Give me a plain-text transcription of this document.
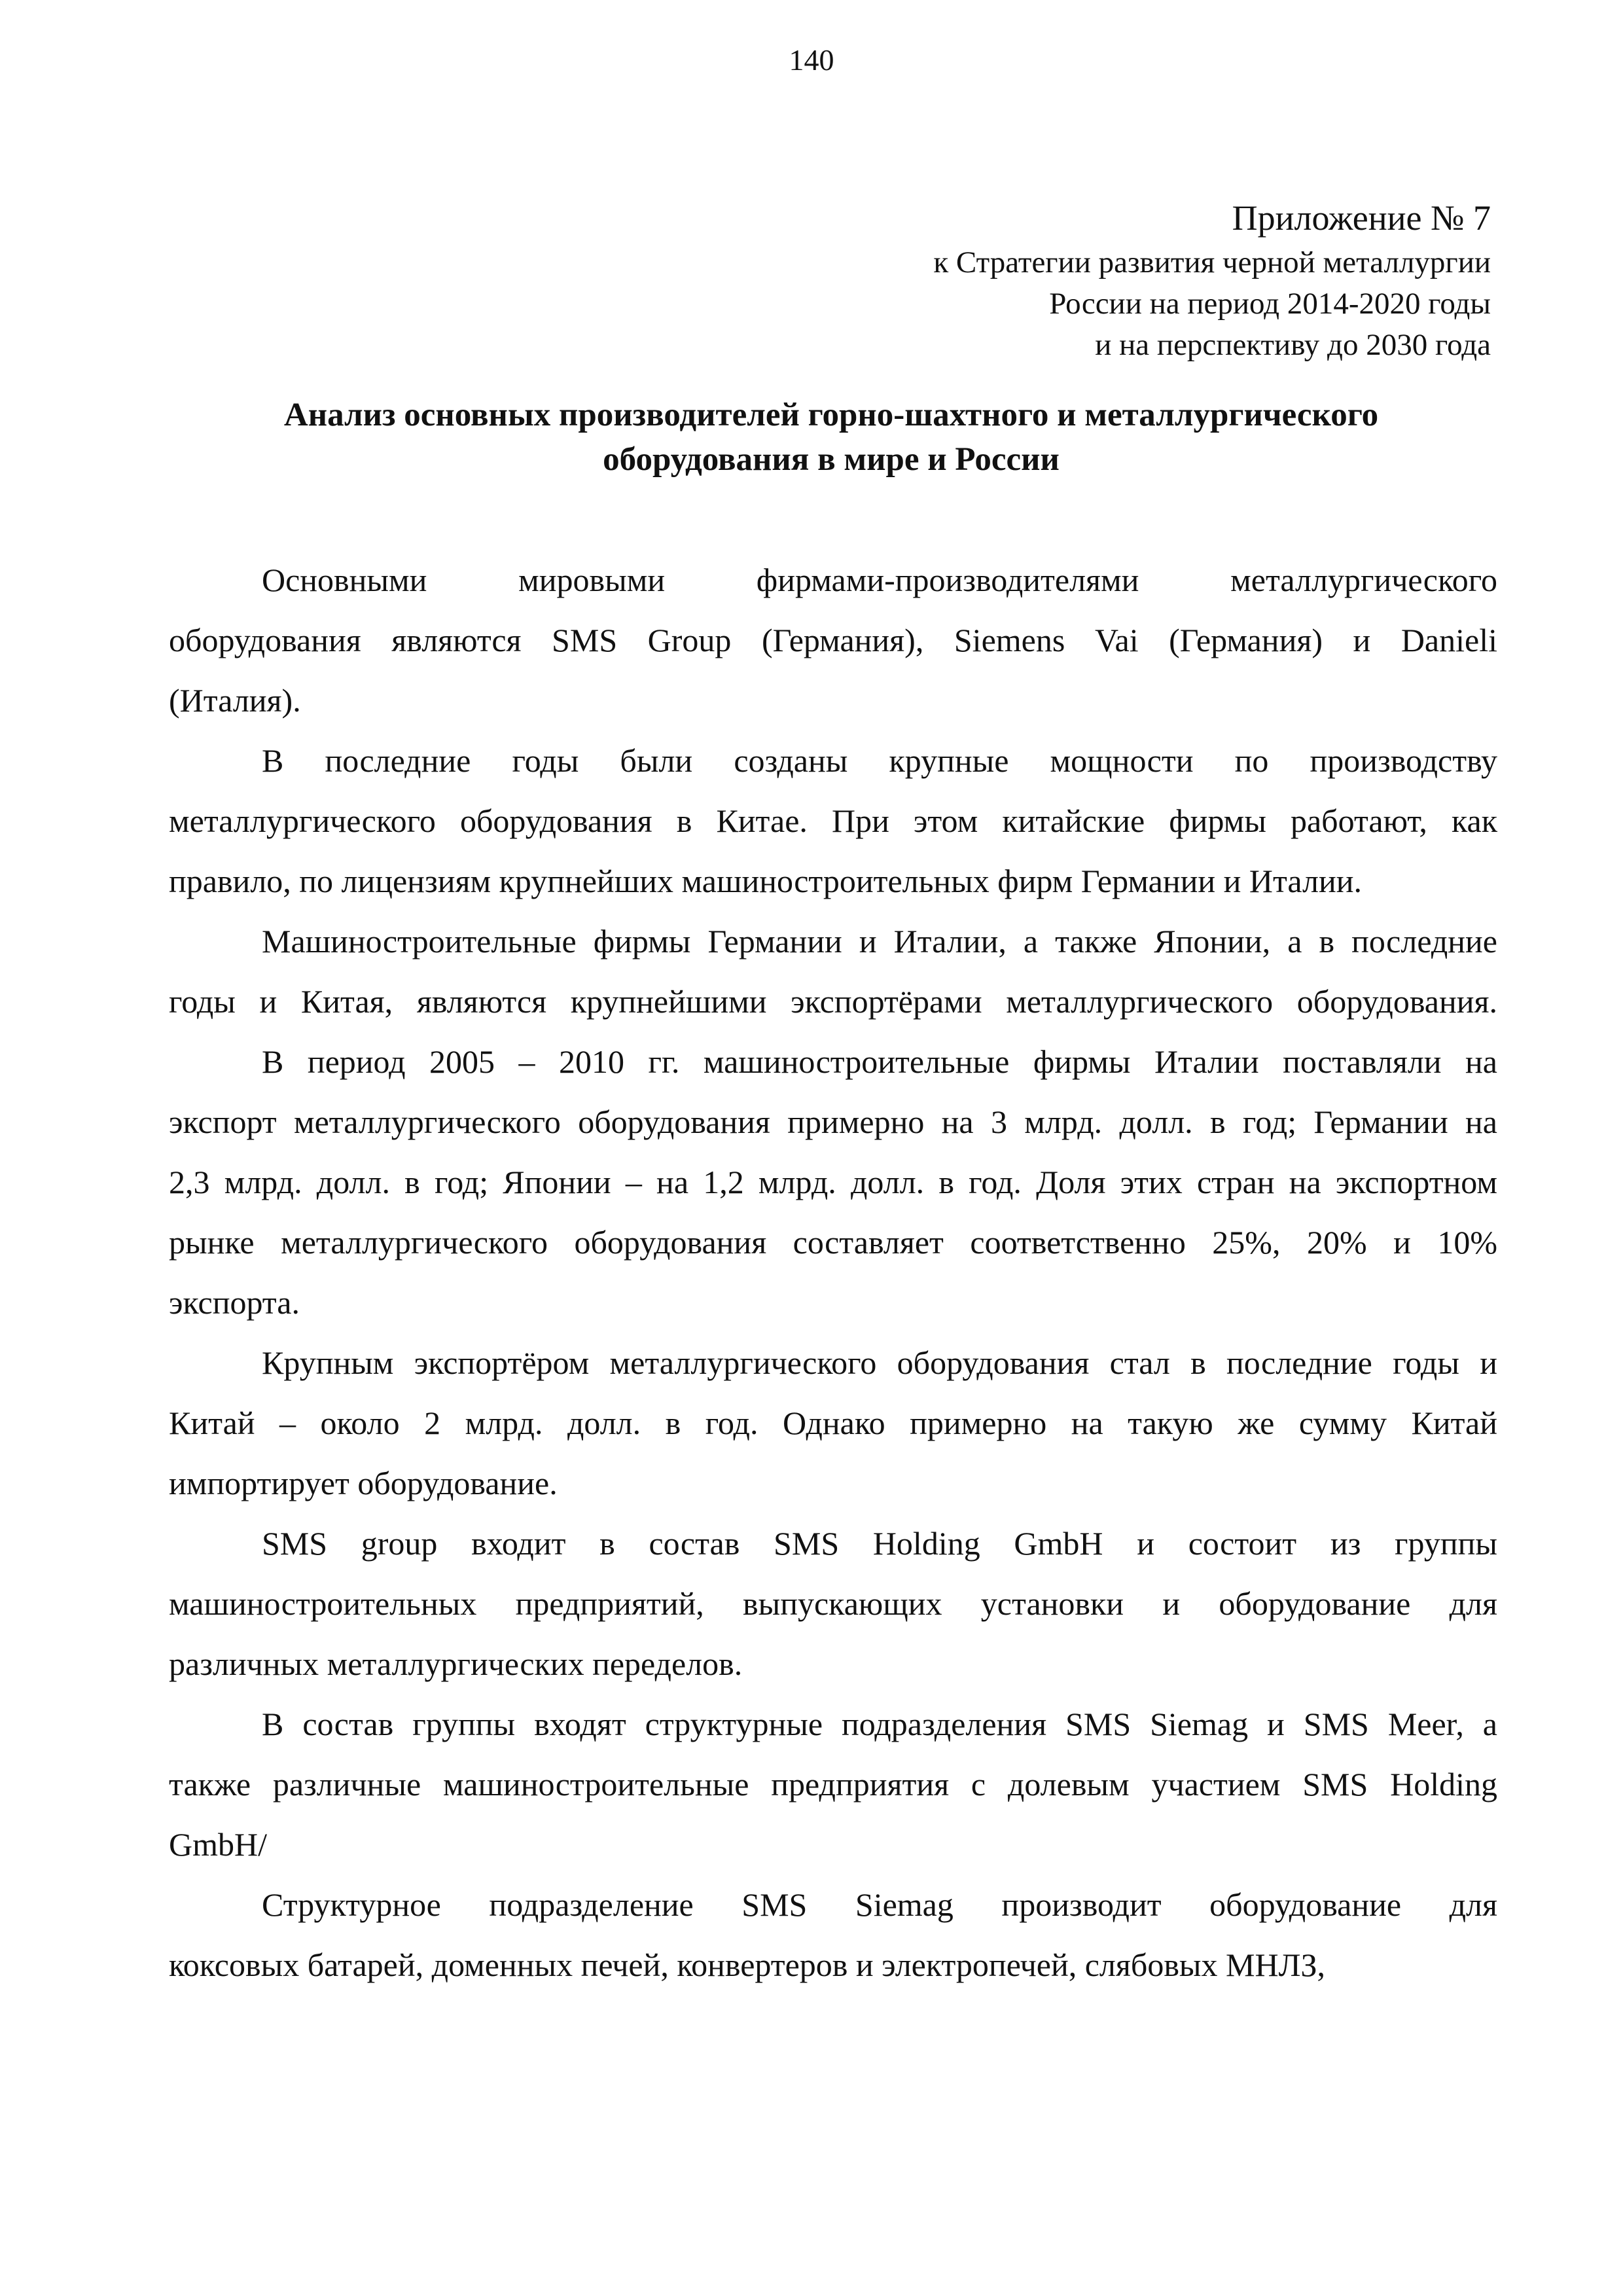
140
Приложение № 7
к Стратегии развития черной металлургии
России на период 2014-2020 годы
и на перспективу до 2030 года
Анализ основных производителей горно-шахтного и металлургического
оборудования в мире и России

Основными мировыми фирмами-производителями металлургического
оборудования являются SMS Group (Германия), Siemens Vai (Германия) и Danieli
(Италия).

В последние годы были созданы крупные мощности по производству
металлургического оборудования в Китае. При этом китайские фирмы работают, как
правило, по лицензиям крупнейших машиностроительных фирм Германии и Италии.

Машиностроительные фирмы Германии и Италии, а также Японии, а в последние
годы и Китая, являются крупнейшими экспортёрами металлургического оборудования.

В период 2005 – 2010 гг. машиностроительные фирмы Италии поставляли на
экспорт металлургического оборудования примерно на 3 млрд. долл. в год; Германии на
2,3 млрд. долл. в год; Японии – на 1,2 млрд. долл. в год. Доля этих стран на экспортном
рынке металлургического оборудования составляет соответственно 25%, 20% и 10%
экспорта.

Крупным экспортёром металлургического оборудования стал в последние годы и
Китай – около 2 млрд. долл. в год. Однако примерно на такую же сумму Китай
импортирует оборудование.

SMS group входит в состав SMS Holding GmbH и состоит из группы
машиностроительных предприятий, выпускающих установки и оборудование для
различных металлургических переделов.

В состав группы входят структурные подразделения SMS Siemag и SMS Meer, а
также различные машиностроительные предприятия с долевым участием SMS Holding
GmbH/

Структурное подразделение SMS Siemag производит оборудование для
коксовых батарей, доменных печей, конвертеров и электропечей, слябовых МНЛЗ,
